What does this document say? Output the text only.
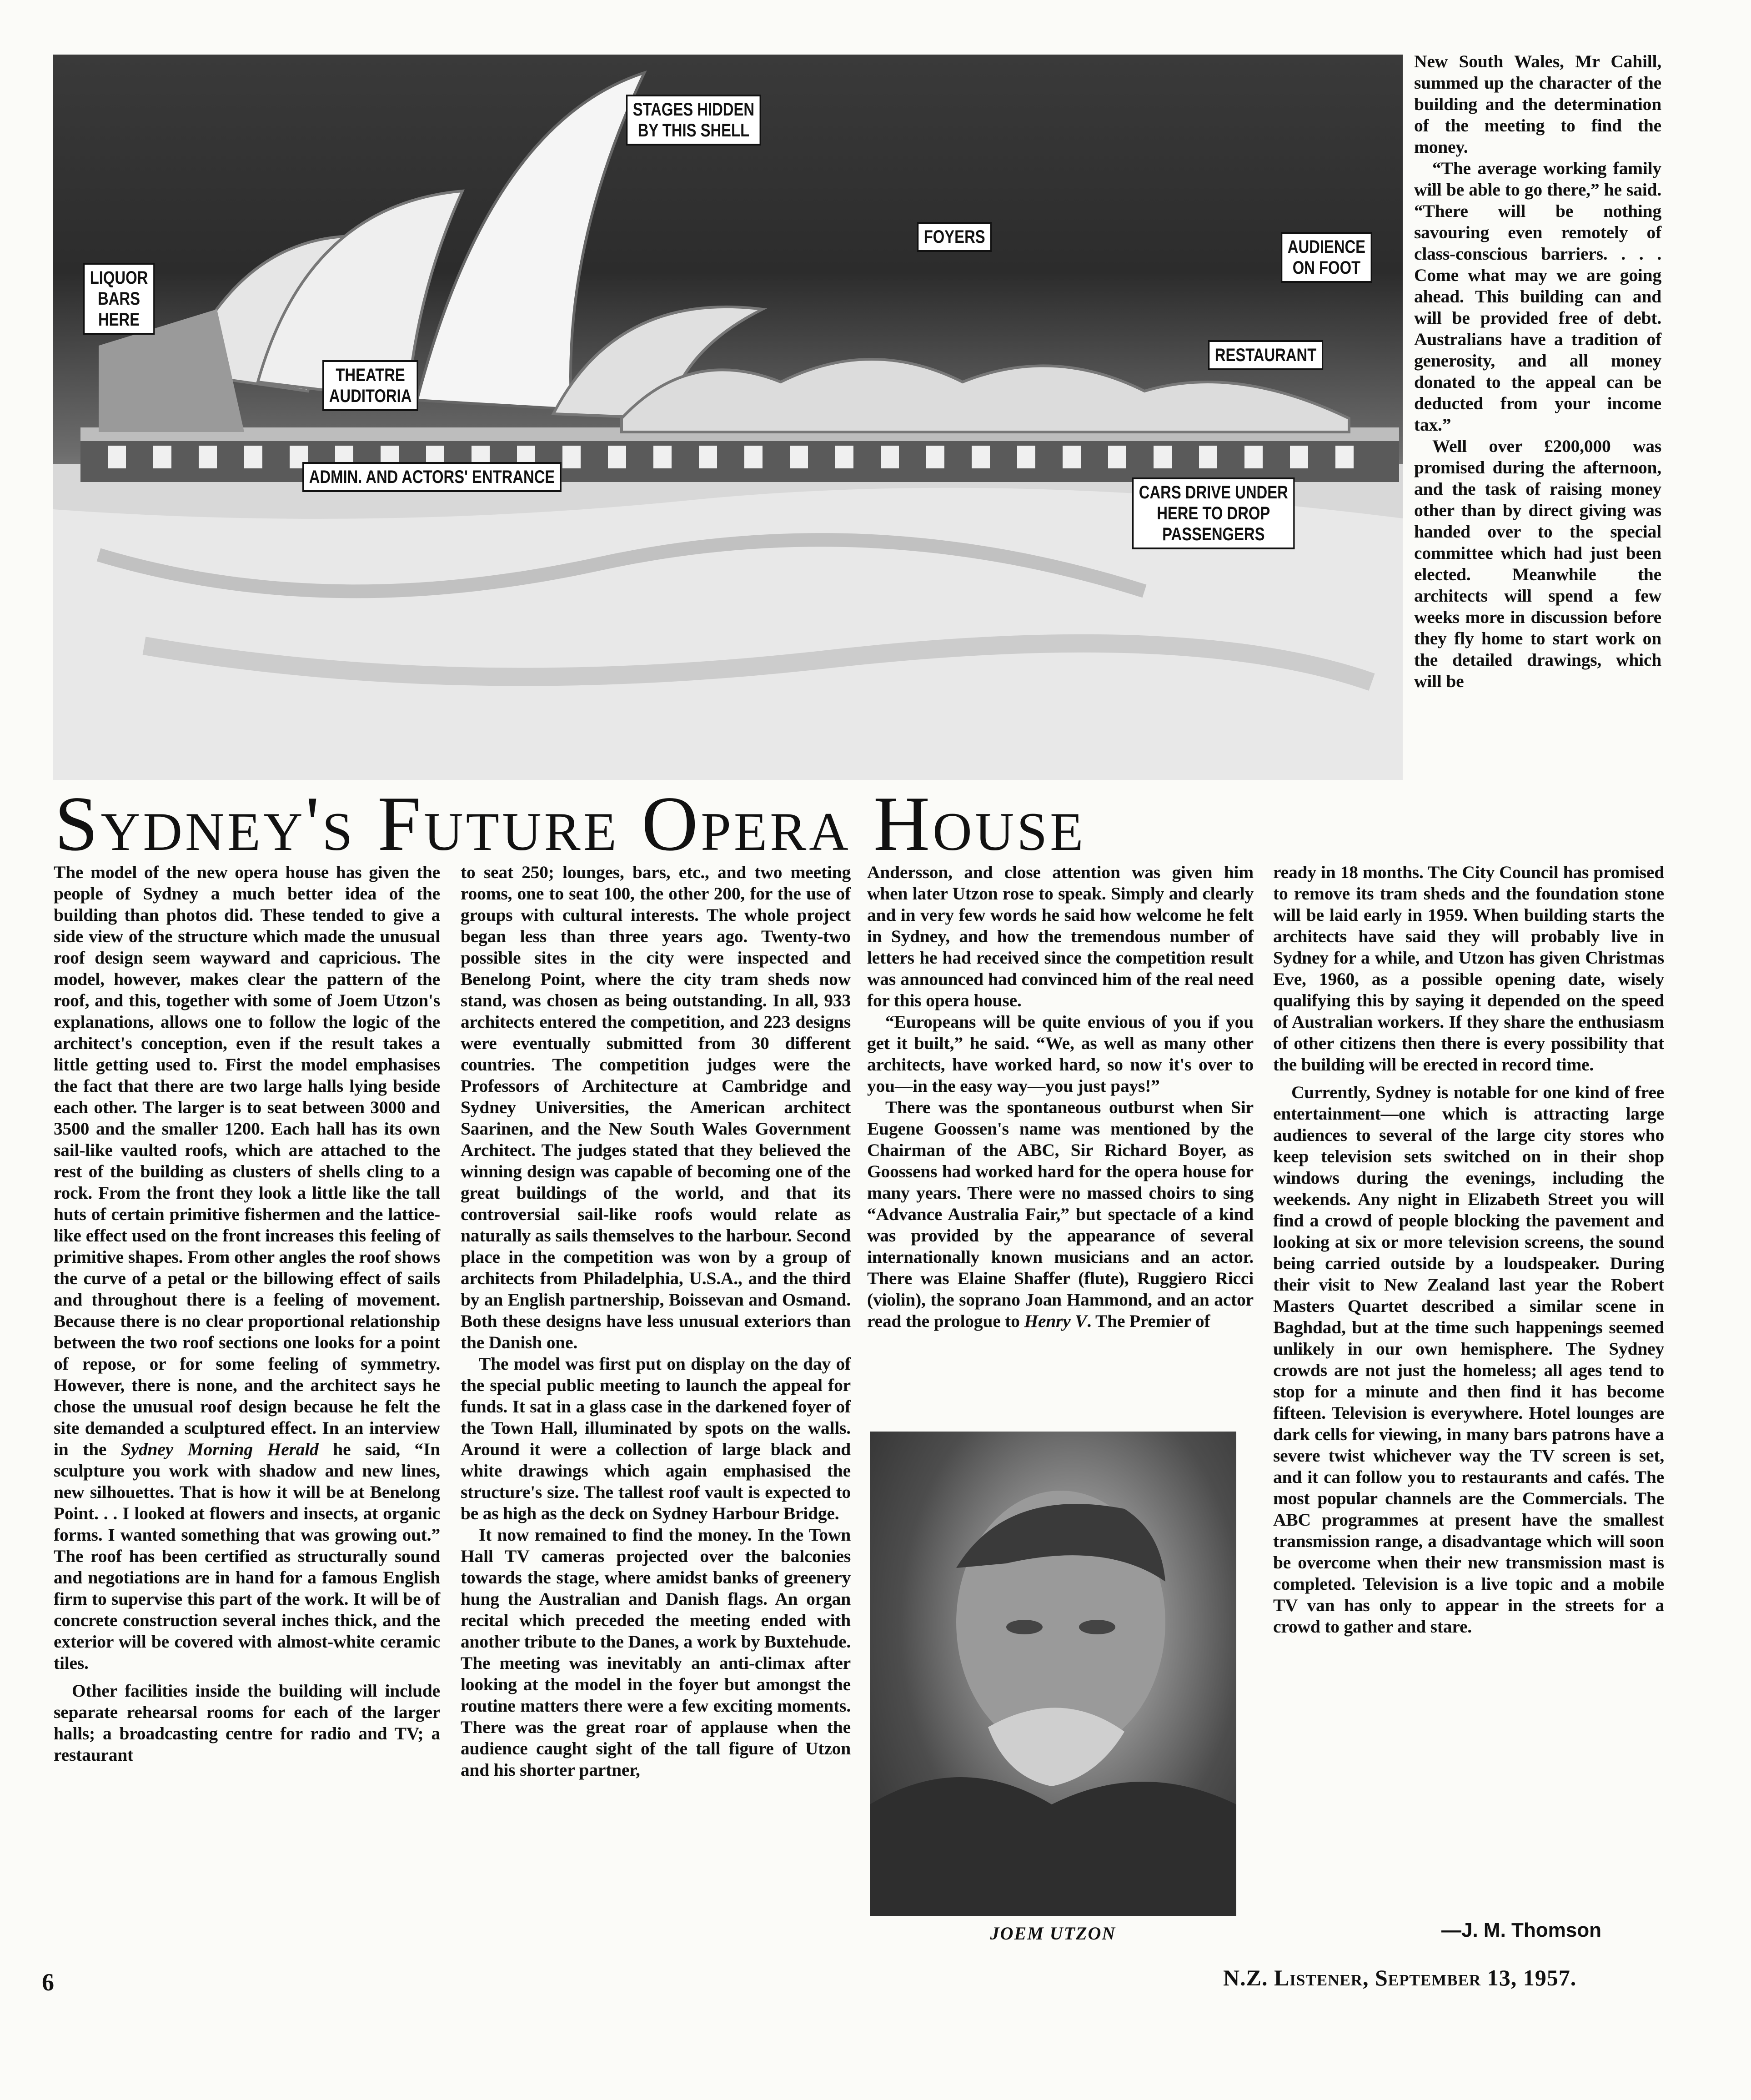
STAGES HIDDEN
BY THIS SHELL
FOYERS	AUDIENCE
ON FOOT
LIQUOR
BARS
HERE
THEATRE
AUDITORIA
RESTAURANT
ADMIN. AND ACTORS' ENTRANCE
CARS DRIVE UNDER
HERE TO DROP
PASSENGERS
Sydney's Future Opera House

New South Wales, Mr Cahill, summed up the character of the building and the determination of the meeting to find the money.

“The average working family will be able to go there,” he said. “There will be nothing savouring even remotely of class-conscious barriers. . . . Come what may we are going ahead. This building can and will be provided free of debt. Australians have a tradition of generosity, and all money donated to the appeal can be deducted from your income tax.”

Well over £200,000 was promised during the afternoon, and the task of raising money other than by direct giving was handed over to the special committee which had just been elected. Meanwhile the architects will spend a few weeks more in discussion before they fly home to start work on the detailed drawings, which will be

The model of the new opera house has given the people of Sydney a much better idea of the building than photos did. These tended to give a side view of the structure which made the unusual roof design seem wayward and capricious. The model, however, makes clear the pattern of the roof, and this, together with some of Joem Utzon's explanations, allows one to follow the logic of the architect's conception, even if the result takes a little getting used to. First the model emphasises the fact that there are two large halls lying beside each other. The larger is to seat between 3000 and 3500 and the smaller 1200. Each hall has its own sail-like vaulted roofs, which are attached to the rest of the building as clusters of shells cling to a rock. From the front they look a little like the tall huts of certain primitive fishermen and the lattice-like effect used on the front increases this feeling of primitive shapes. From other angles the roof shows the curve of a petal or the billowing effect of sails and throughout there is a feeling of movement. Because there is no clear proportional relationship between the two roof sections one looks for a point of repose, or for some feeling of symmetry. However, there is none, and the architect says he chose the unusual roof design because he felt the site demanded a sculptured effect. In an interview in the Sydney Morning Herald he said, “In sculpture you work with shadow and new lines, new silhouettes. That is how it will be at Benelong Point. . . I looked at flowers and insects, at organic forms. I wanted something that was growing out.” The roof has been certified as structurally sound and negotiations are in hand for a famous English firm to supervise this part of the work. It will be of concrete construction several inches thick, and the exterior will be covered with almost-white ceramic tiles.

Other facilities inside the building will include separate rehearsal rooms for each of the larger halls; a broadcasting centre for radio and TV; a restaurant

to seat 250; lounges, bars, etc., and two meeting rooms, one to seat 100, the other 200, for the use of groups with cultural interests. The whole project began less than three years ago. Twenty-two possible sites in the city were inspected and Benelong Point, where the city tram sheds now stand, was chosen as being outstanding. In all, 933 architects entered the competition, and 223 designs were eventually submitted from 30 different countries. The competition judges were the Professors of Architecture at Cambridge and Sydney Universities, the American architect Saarinen, and the New South Wales Government Architect. The judges stated that they believed the winning design was capable of becoming one of the great buildings of the world, and that its controversial sail-like roofs would relate as naturally as sails themselves to the harbour. Second place in the competition was won by a group of architects from Philadelphia, U.S.A., and the third by an English partnership, Boissevan and Osmand. Both these designs have less unusual exteriors than the Danish one.

The model was first put on display on the day of the special public meeting to launch the appeal for funds. It sat in a glass case in the darkened foyer of the Town Hall, illuminated by spots on the walls. Around it were a collection of large black and white drawings which again emphasised the structure's size. The tallest roof vault is expected to be as high as the deck on Sydney Harbour Bridge.

It now remained to find the money. In the Town Hall TV cameras projected over the balconies towards the stage, where amidst banks of greenery hung the Australian and Danish flags. An organ recital which preceded the meeting ended with another tribute to the Danes, a work by Buxtehude. The meeting was inevitably an anti-climax after looking at the model in the foyer but amongst the routine matters there were a few exciting moments. There was the great roar of applause when the audience caught sight of the tall figure of Utzon and his shorter partner,

Andersson, and close attention was given him when later Utzon rose to speak. Simply and clearly and in very few words he said how welcome he felt in Sydney, and how the tremendous number of letters he had received since the competition result was announced had convinced him of the real need for this opera house.

“Europeans will be quite envious of you if you get it built,” he said. “We, as well as many other architects, have worked hard, so now it's over to you—in the easy way—you just pays!”

There was the spontaneous outburst when Sir Eugene Goossen's name was mentioned by the Chairman of the ABC, Sir Richard Boyer, as Goossens had worked hard for the opera house for many years. There were no massed choirs to sing “Advance Australia Fair,” but spectacle of a kind was provided by the appearance of several internationally known musicians and an actor. There was Elaine Shaffer (flute), Ruggiero Ricci (violin), the soprano Joan Hammond, and an actor read the prologue to Henry V. The Premier of

JOEM UTZON

ready in 18 months. The City Council has promised to remove its tram sheds and the foundation stone will be laid early in 1959. When building starts the architects have said they will probably live in Sydney for a while, and Utzon has given Christmas Eve, 1960, as a possible opening date, wisely qualifying this by saying it depended on the speed of Australian workers. If they share the enthusiasm of other citizens then there is every possibility that the building will be erected in record time.

Currently, Sydney is notable for one kind of free entertainment—one which is attracting large audiences to several of the large city stores who keep television sets switched on in their shop windows during the evenings, including the weekends. Any night in Elizabeth Street you will find a crowd of people blocking the pavement and looking at six or more television screens, the sound being carried outside by a loudspeaker. During their visit to New Zealand last year the Robert Masters Quartet described a similar scene in Baghdad, but at the time such happenings seemed unlikely in our own hemisphere. The Sydney crowds are not just the homeless; all ages tend to stop for a minute and then find it has become fifteen. Television is everywhere. Hotel lounges are dark cells for viewing, in many bars patrons have a severe twist whichever way the TV screen is set, and it can follow you to restaurants and cafés. The most popular channels are the Commercials. The ABC programmes at present have the smallest transmission range, a disadvantage which will soon be overcome when their new transmission mast is completed. Television is a live topic and a mobile TV van has only to appear in the streets for a crowd to gather and stare.

—J. M. Thomson
6	N.Z. Listener, September 13, 1957.
